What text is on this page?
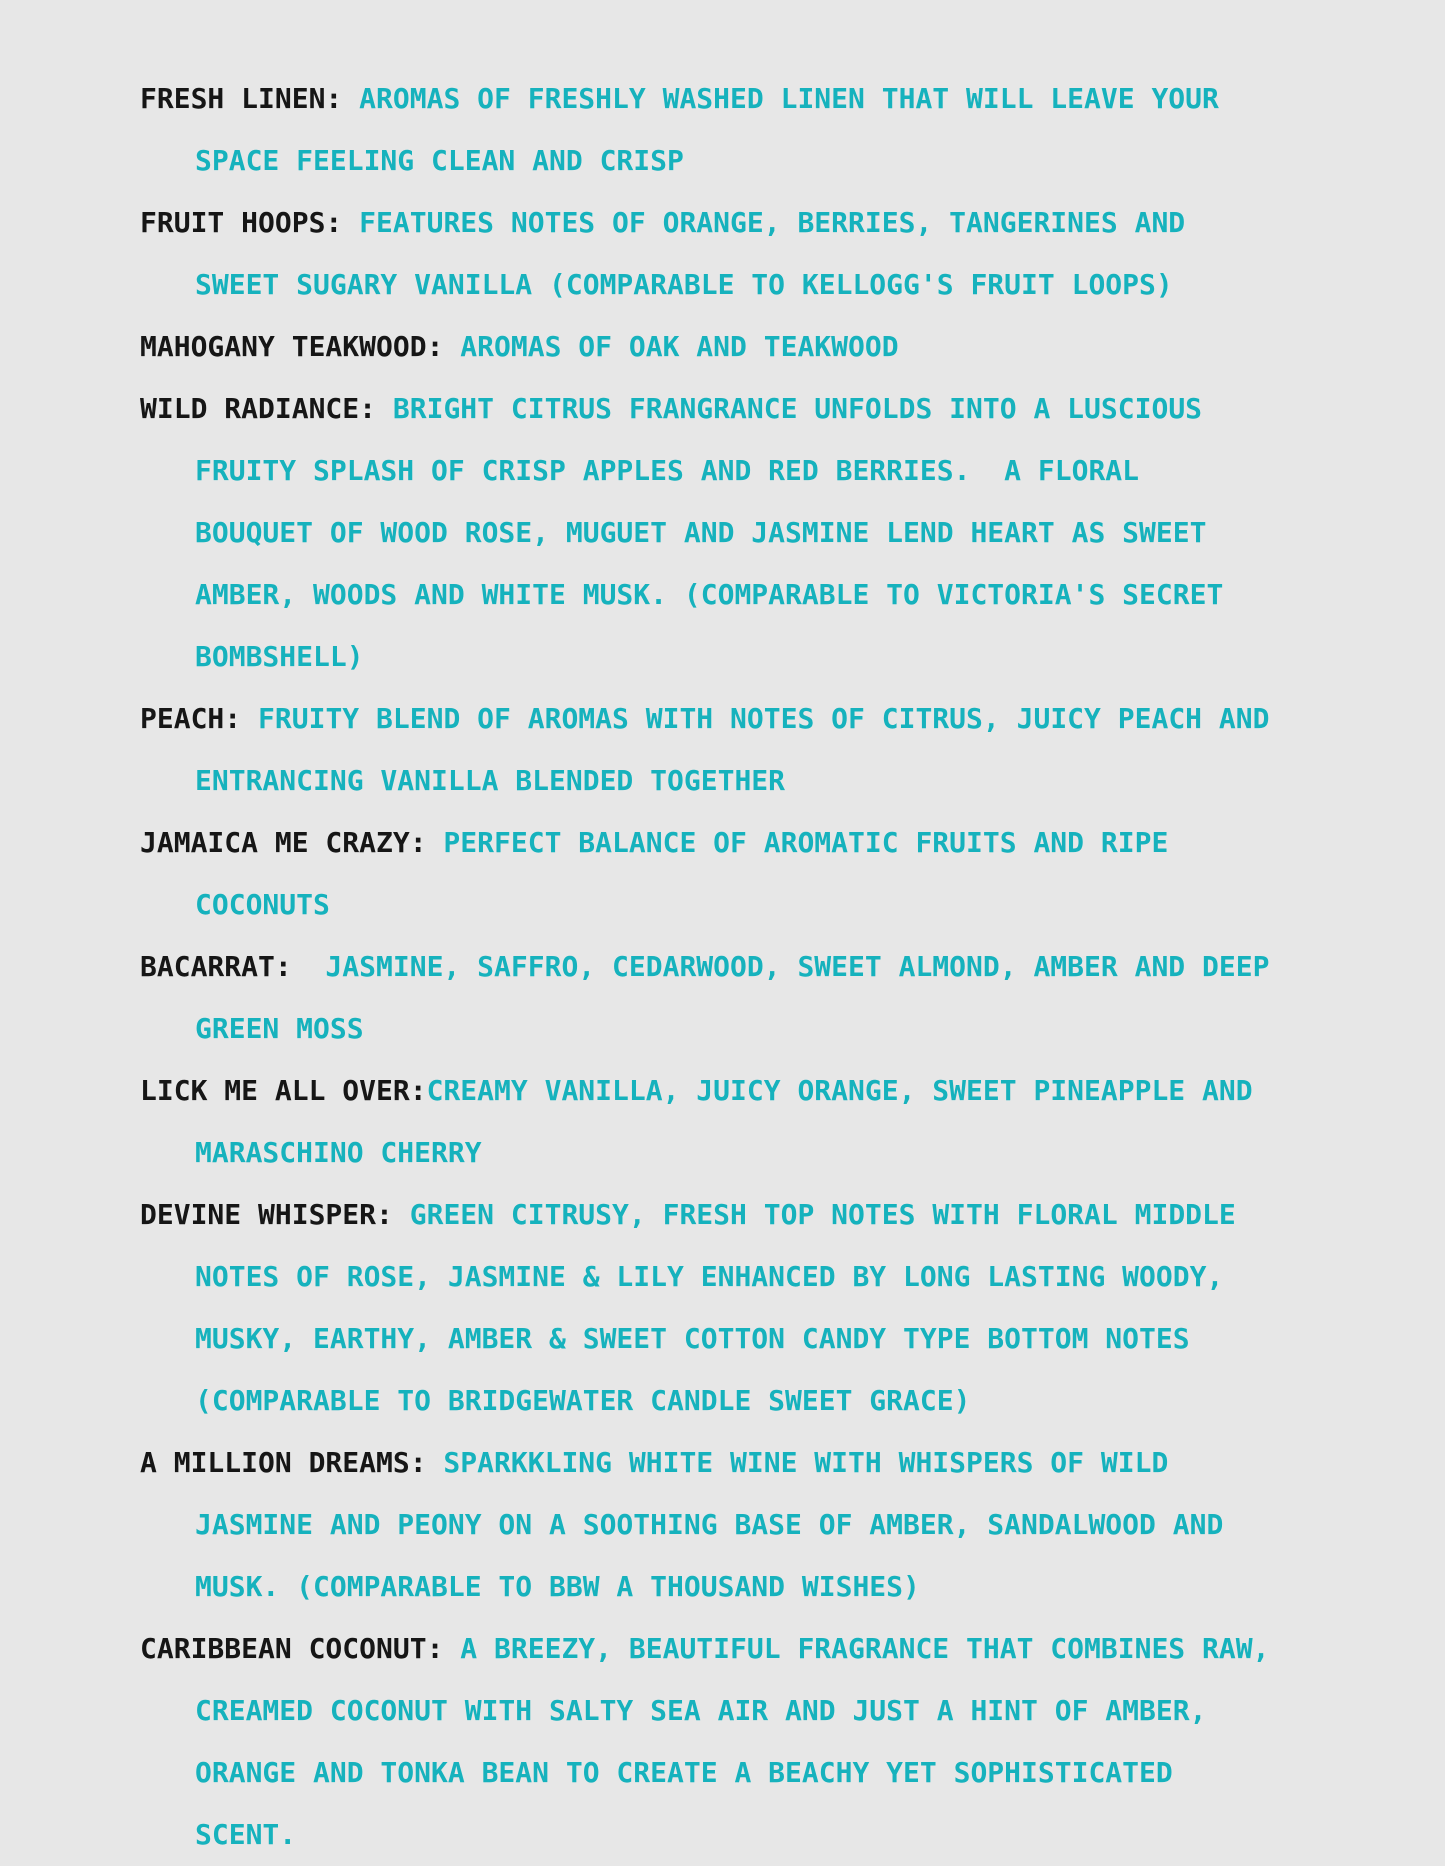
FRESH LINEN: AROMAS OF FRESHLY WASHED LINEN THAT WILL LEAVE YOUR SPACE FEELING CLEAN AND CRISP
FRUIT HOOPS: FEATURES NOTES OF ORANGE, BERRIES, TANGERINES AND SWEET SUGARY VANILLA (COMPARABLE TO KELLOGG'S FRUIT LOOPS)
MAHOGANY TEAKWOOD: AROMAS OF OAK AND TEAKWOOD
WILD RADIANCE: BRIGHT CITRUS FRANGRANCE UNFOLDS INTO A LUSCIOUS FRUITY SPLASH OF CRISP APPLES AND RED BERRIES.  A FLORAL BOUQUET OF WOOD ROSE, MUGUET AND JASMINE LEND HEART AS SWEET AMBER, WOODS AND WHITE MUSK. (COMPARABLE TO VICTORIA'S SECRET BOMBSHELL)
PEACH: FRUITY BLEND OF AROMAS WITH NOTES OF CITRUS, JUICY PEACH AND ENTRANCING VANILLA BLENDED TOGETHER
JAMAICA ME CRAZY: PERFECT BALANCE OF AROMATIC FRUITS AND RIPE COCONUTS
BACARRAT:  JASMINE, SAFFRO, CEDARWOOD, SWEET ALMOND, AMBER AND DEEP GREEN MOSS
LICK ME ALL OVER:CREAMY VANILLA, JUICY ORANGE, SWEET PINEAPPLE AND MARASCHINO CHERRY
DEVINE WHISPER: GREEN CITRUSY, FRESH TOP NOTES WITH FLORAL MIDDLE NOTES OF ROSE, JASMINE & LILY ENHANCED BY LONG LASTING WOODY, MUSKY, EARTHY, AMBER & SWEET COTTON CANDY TYPE BOTTOM NOTES (COMPARABLE TO BRIDGEWATER CANDLE SWEET GRACE)
A MILLION DREAMS: SPARKKLING WHITE WINE WITH WHISPERS OF WILD JASMINE AND PEONY ON A SOOTHING BASE OF AMBER, SANDALWOOD AND MUSK. (COMPARABLE TO BBW A THOUSAND WISHES)
CARIBBEAN COCONUT: A BREEZY, BEAUTIFUL FRAGRANCE THAT COMBINES RAW, CREAMED COCONUT WITH SALTY SEA AIR AND JUST A HINT OF AMBER, ORANGE AND TONKA BEAN TO CREATE A BEACHY YET SOPHISTICATED SCENT.
